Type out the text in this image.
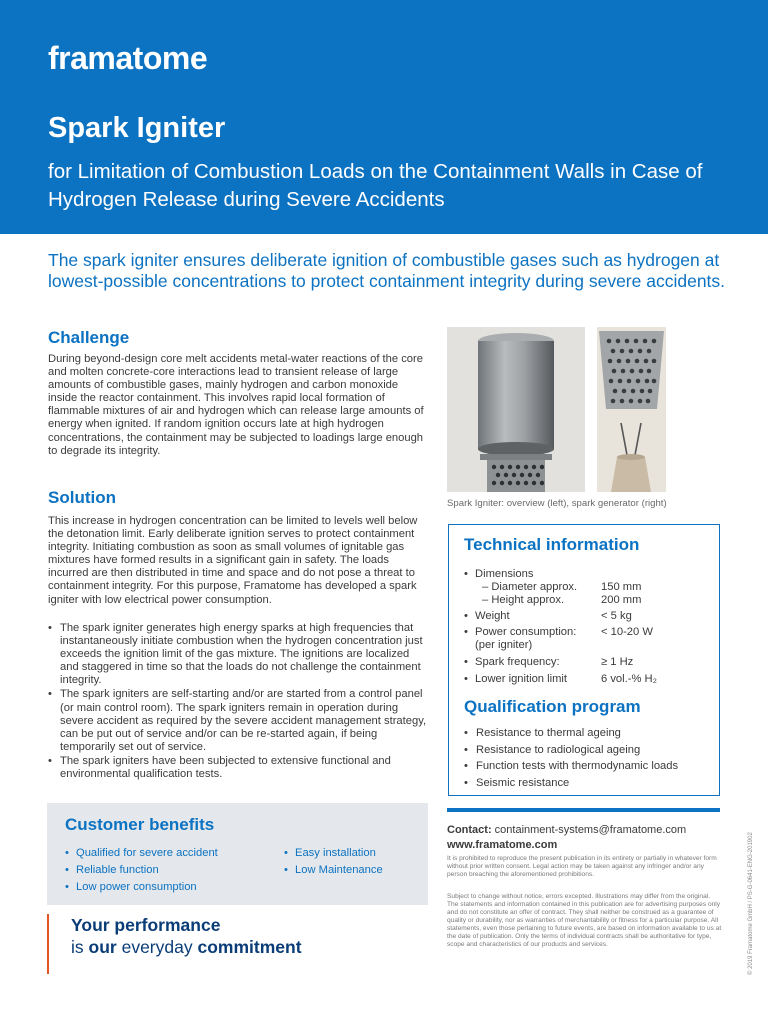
framatome
Spark Igniter
for Limitation of Combustion Loads on the Containment Walls in Case of Hydrogen Release during Severe Accidents
The spark igniter ensures deliberate ignition of combustible gases such as hydrogen at lowest-possible concentrations to protect containment integrity during severe accidents.
Challenge
During beyond-design core melt accidents metal-water reactions of the core and molten concrete-core interactions lead to transient release of large amounts of combustible gases, mainly hydrogen and carbon monoxide inside the reactor containment. This involves rapid local formation of flammable mixtures of air and hydrogen which can release large amounts of energy when ignited. If random ignition occurs late at high hydrogen concentrations, the containment may be subjected to loadings large enough to degrade its integrity.
Solution
This increase in hydrogen concentration can be limited to levels well below the detonation limit. Early deliberate ignition serves to protect containment integrity. Initiating combustion as soon as small volumes of ignitable gas mixtures have formed results in a significant gain in safety. The loads incurred are then distributed in time and space and do not pose a threat to containment integrity. For this purpose, Framatome has developed a spark igniter with low electrical power consumption.
• The spark igniter generates high energy sparks at high frequencies that instantaneously initiate combustion when the hydrogen concentration just exceeds the ignition limit of the gas mixture. The ignitions are localized and staggered in time so that the loads do not challenge the containment integrity.
• The spark igniters are self-starting and/or are started from a control panel (or main control room). The spark igniters remain in operation during severe accident as required by the severe accident management strategy, can be put out of service and/or can be re-started again, if being temporarily set out of service.
• The spark igniters have been subjected to extensive functional and environmental qualification tests.
Spark Igniter: overview (left), spark generator (right)
Technical information
• Dimensions
– Diameter approx. 150 mm
– Height approx.	200 mm
• Weight	< 5 kg
• Power consumption: < 10-20 W
(per igniter)
• Spark frequency:	≥ 1 Hz
• Lower ignition limit	6 vol.-% H₂
Qualification program
• Resistance to thermal ageing
• Resistance to radiological ageing
• Function tests with thermodynamic loads
• Seismic resistance
Contact: containment-systems@framatome.com
www.framatome.com
It is prohibited to reproduce the present publication in its entirety or partially in whatever form without prior written consent. Legal action may be taken against any infringer and/or any person breaching the aforementioned prohibitions.
Subject to change without notice, errors excepted. Illustrations may differ from the original. The statements and information contained in this publication are for advertising purposes only and do not constitute an offer of contract. They shall neither be construed as a guarantee of quality or durability, nor as warranties of merchantability or fitness for a particular purpose. All statements, even those pertaining to future events, are based on information available to us at the date of publication. Only the terms of individual contracts shall be authoritative for type, scope and characteristics of our products and services.	© 2019 Framatome GmbH / PS-G-0641-ENG-201902
Customer benefits
• Qualified for severe accident
• Reliable function
• Low power consumption
• Easy installation
• Low Maintenance
Your performance
is our everyday commitment
